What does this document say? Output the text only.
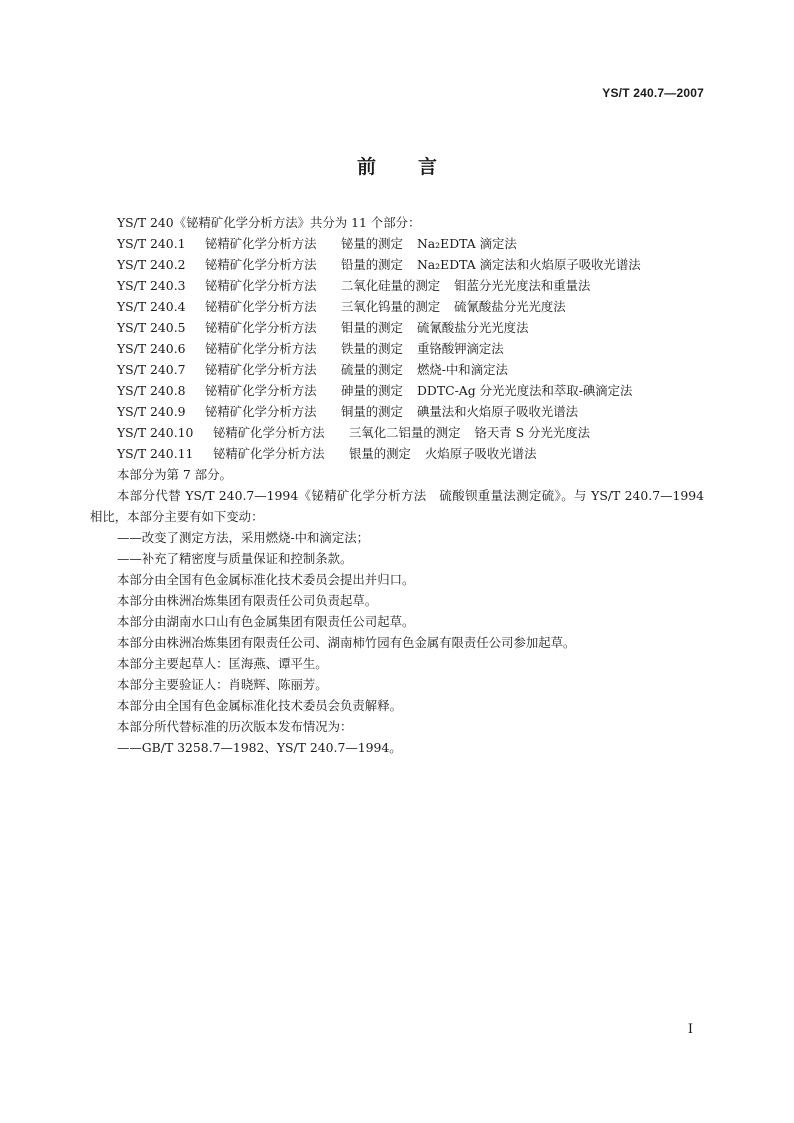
YS/T 240.7—2007
前言
YS/T 240《铋精矿化学分析方法》共分为 11 个部分：
YS/T 240.1	铋精矿化学分析方法	铋量的测定	Na₂EDTA 滴定法
YS/T 240.2	铋精矿化学分析方法	铅量的测定	Na₂EDTA 滴定法和火焰原子吸收光谱法
YS/T 240.3	铋精矿化学分析方法	二氧化硅量的测定	钼蓝分光光度法和重量法
YS/T 240.4	铋精矿化学分析方法	三氧化钨量的测定	硫氰酸盐分光光度法
YS/T 240.5	铋精矿化学分析方法	钼量的测定	硫氰酸盐分光光度法
YS/T 240.6	铋精矿化学分析方法	铁量的测定	重铬酸钾滴定法
YS/T 240.7	铋精矿化学分析方法	硫量的测定	燃烧-中和滴定法
YS/T 240.8	铋精矿化学分析方法	砷量的测定	DDTC-Ag 分光光度法和萃取-碘滴定法
YS/T 240.9	铋精矿化学分析方法	铜量的测定	碘量法和火焰原子吸收光谱法
YS/T 240.10	铋精矿化学分析方法	三氧化二铝量的测定	铬天青 S 分光光度法
YS/T 240.11	铋精矿化学分析方法	银量的测定	火焰原子吸收光谱法
本部分为第 7 部分。
本部分代替 YS/T 240.7—1994《铋精矿化学分析方法　硫酸钡重量法测定硫》。与 YS/T 240.7—1994 相比，本部分主要有如下变动：
——改变了测定方法，采用燃烧-中和滴定法；
——补充了精密度与质量保证和控制条款。
本部分由全国有色金属标准化技术委员会提出并归口。
本部分由株洲冶炼集团有限责任公司负责起草。
本部分由湖南水口山有色金属集团有限责任公司起草。
本部分由株洲冶炼集团有限责任公司、湖南柿竹园有色金属有限责任公司参加起草。
本部分主要起草人：匡海燕、谭平生。
本部分主要验证人：肖晓辉、陈丽芳。
本部分由全国有色金属标准化技术委员会负责解释。
本部分所代替标准的历次版本发布情况为：
——GB/T 3258.7—1982、YS/T 240.7—1994。
I
